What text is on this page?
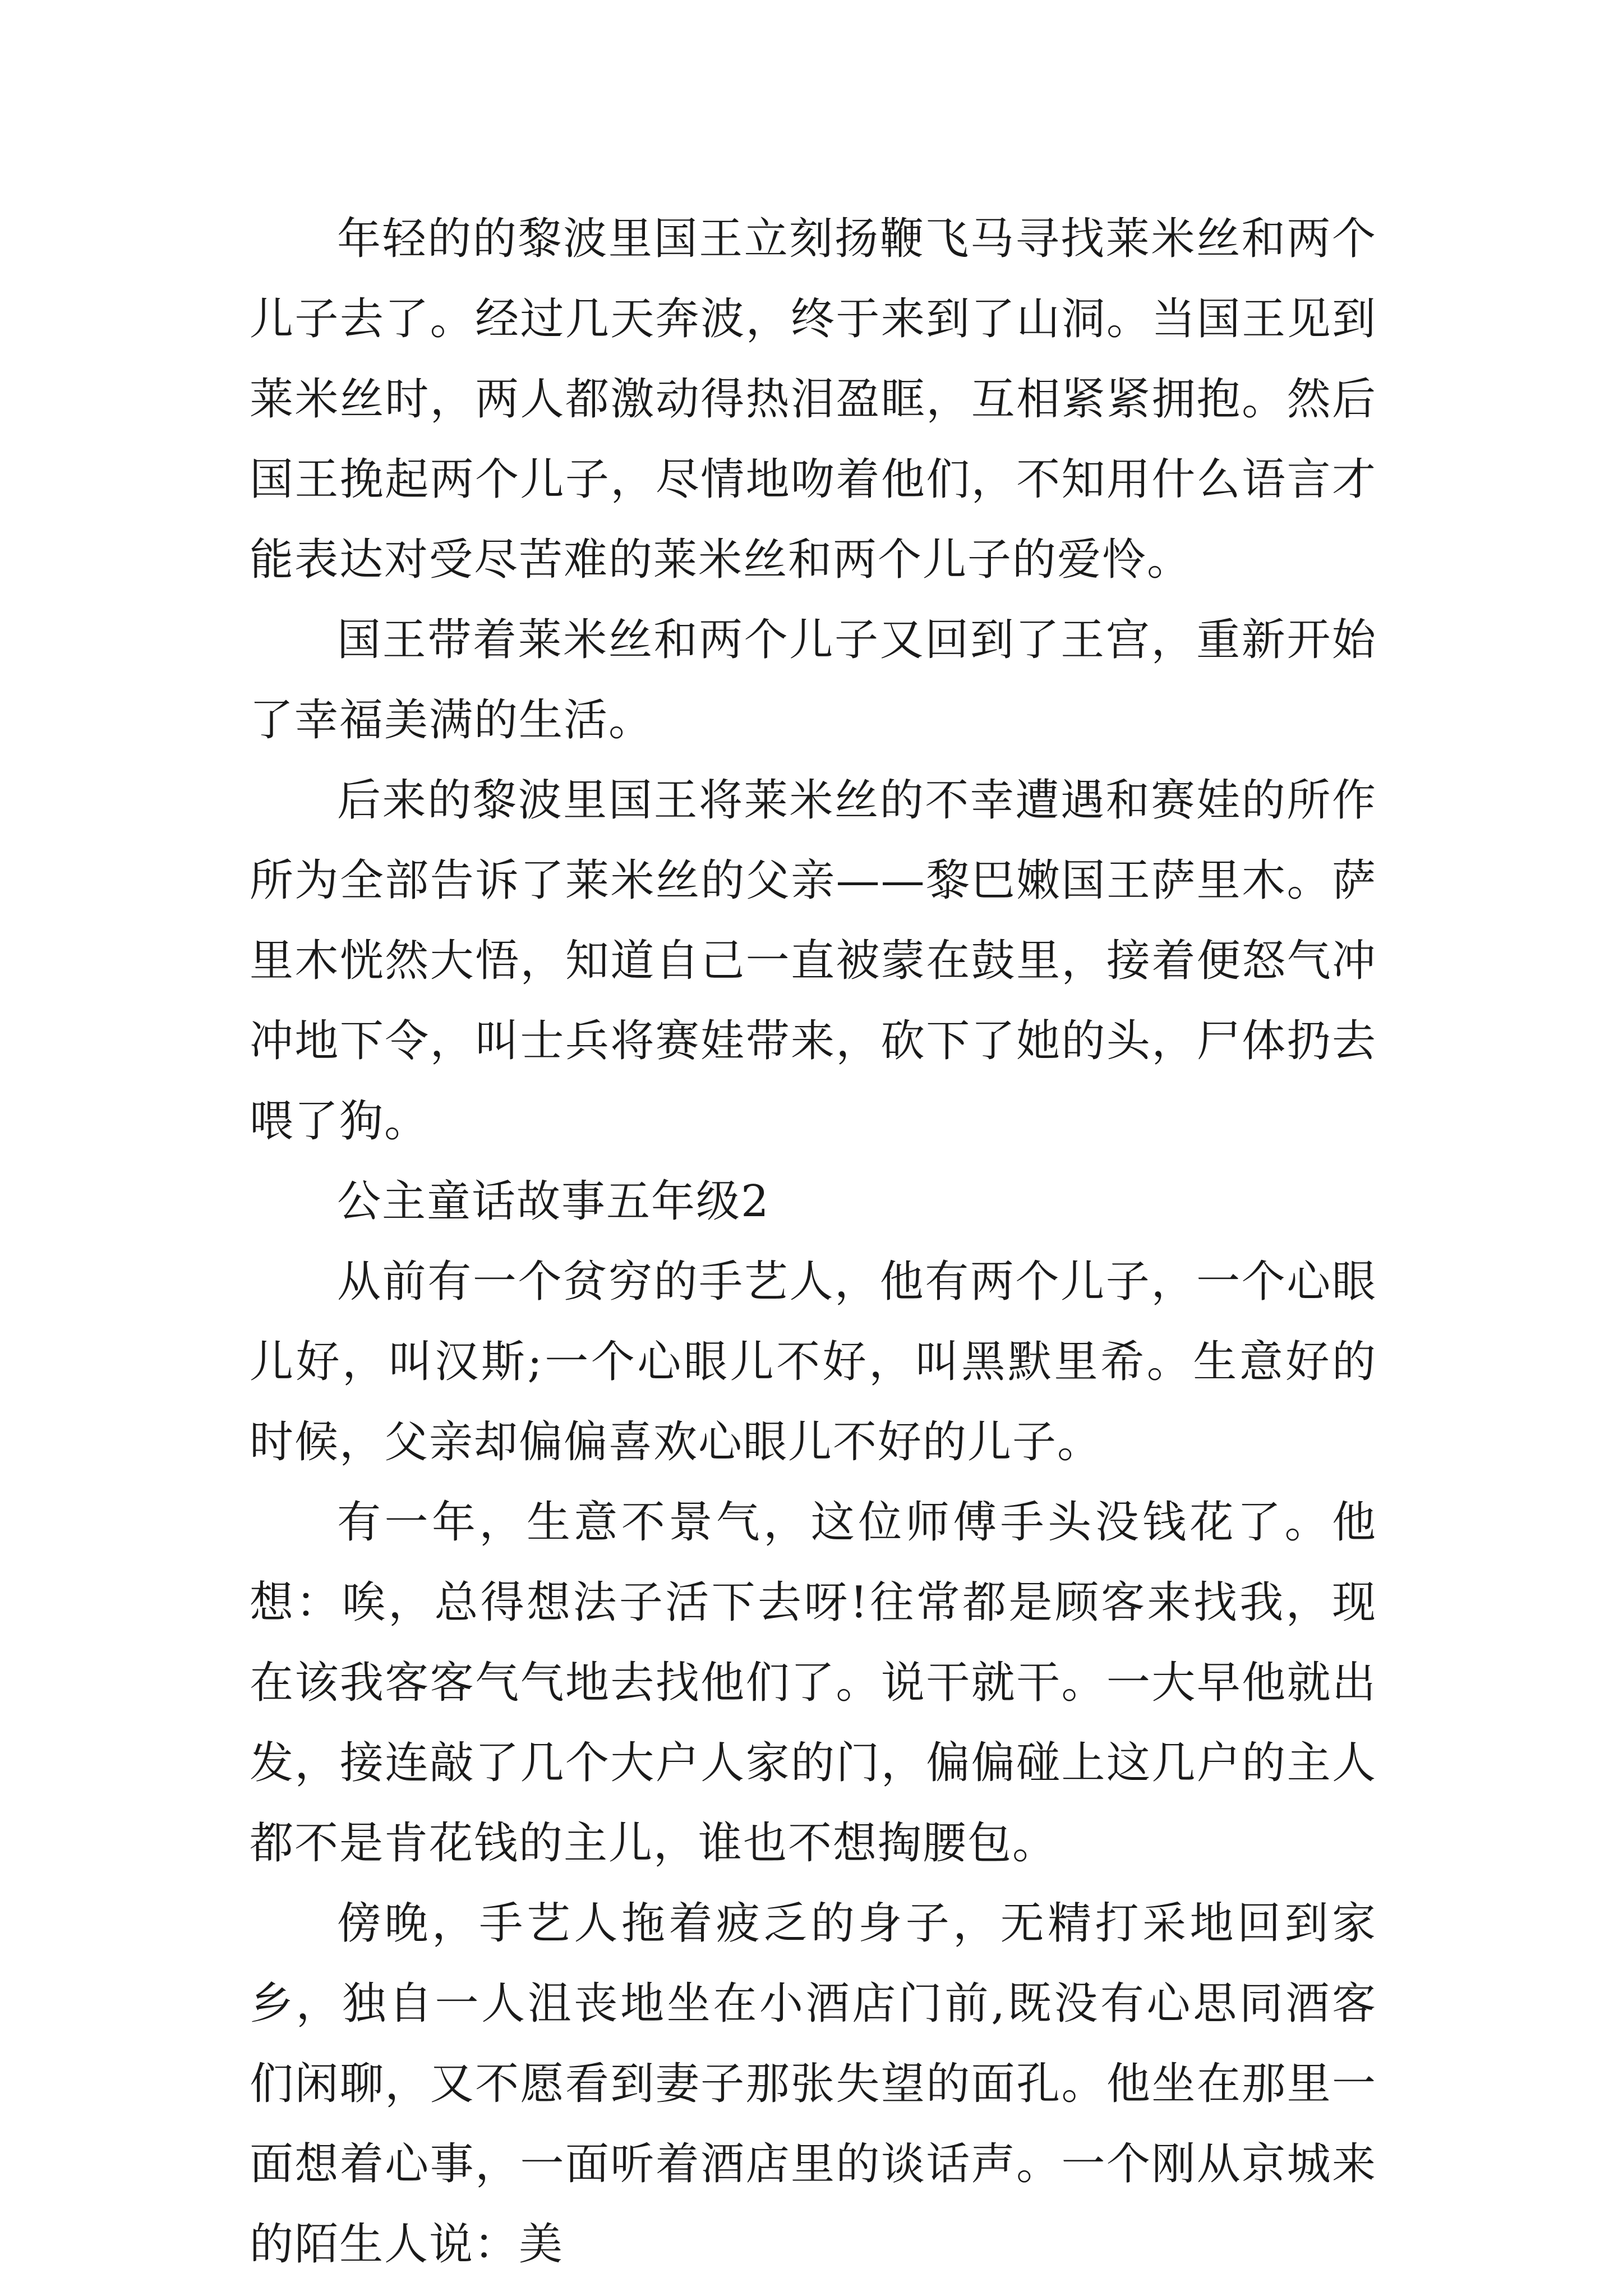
年轻的的黎波里国王立刻扬鞭飞马寻找莱米丝和两个儿子去了。经过几天奔波，终于来到了山洞。当国王见到莱米丝时，两人都激动得热泪盈眶，互相紧紧拥抱。然后国王挽起两个儿子，尽情地吻着他们，不知用什么语言才能表达对受尽苦难的莱米丝和两个儿子的爱怜。

国王带着莱米丝和两个儿子又回到了王宫，重新开始了幸福美满的生活。

后来的黎波里国王将莱米丝的不幸遭遇和赛娃的所作所为全部告诉了莱米丝的父亲——黎巴嫩国王萨里木。萨里木恍然大悟，知道自己一直被蒙在鼓里，接着便怒气冲冲地下令，叫士兵将赛娃带来，砍下了她的头，尸体扔去喂了狗。

公主童话故事五年级2

从前有一个贫穷的手艺人，他有两个儿子，一个心眼儿好，叫汉斯;一个心眼儿不好，叫黑默里希。生意好的时候，父亲却偏偏喜欢心眼儿不好的儿子。

有一年，生意不景气，这位师傅手头没钱花了。他想：唉，总得想法子活下去呀!往常都是顾客来找我，现在该我客客气气地去找他们了。说干就干。一大早他就出发，接连敲了几个大户人家的门，偏偏碰上这几户的主人都不是肯花钱的主儿，谁也不想掏腰包。

傍晚，手艺人拖着疲乏的身子，无精打采地回到家乡，独自一人沮丧地坐在小酒店门前,既没有心思同酒客们闲聊，又不愿看到妻子那张失望的面孔。他坐在那里一面想着心事，一面听着酒店里的谈话声。一个刚从京城来的陌生人说：美
